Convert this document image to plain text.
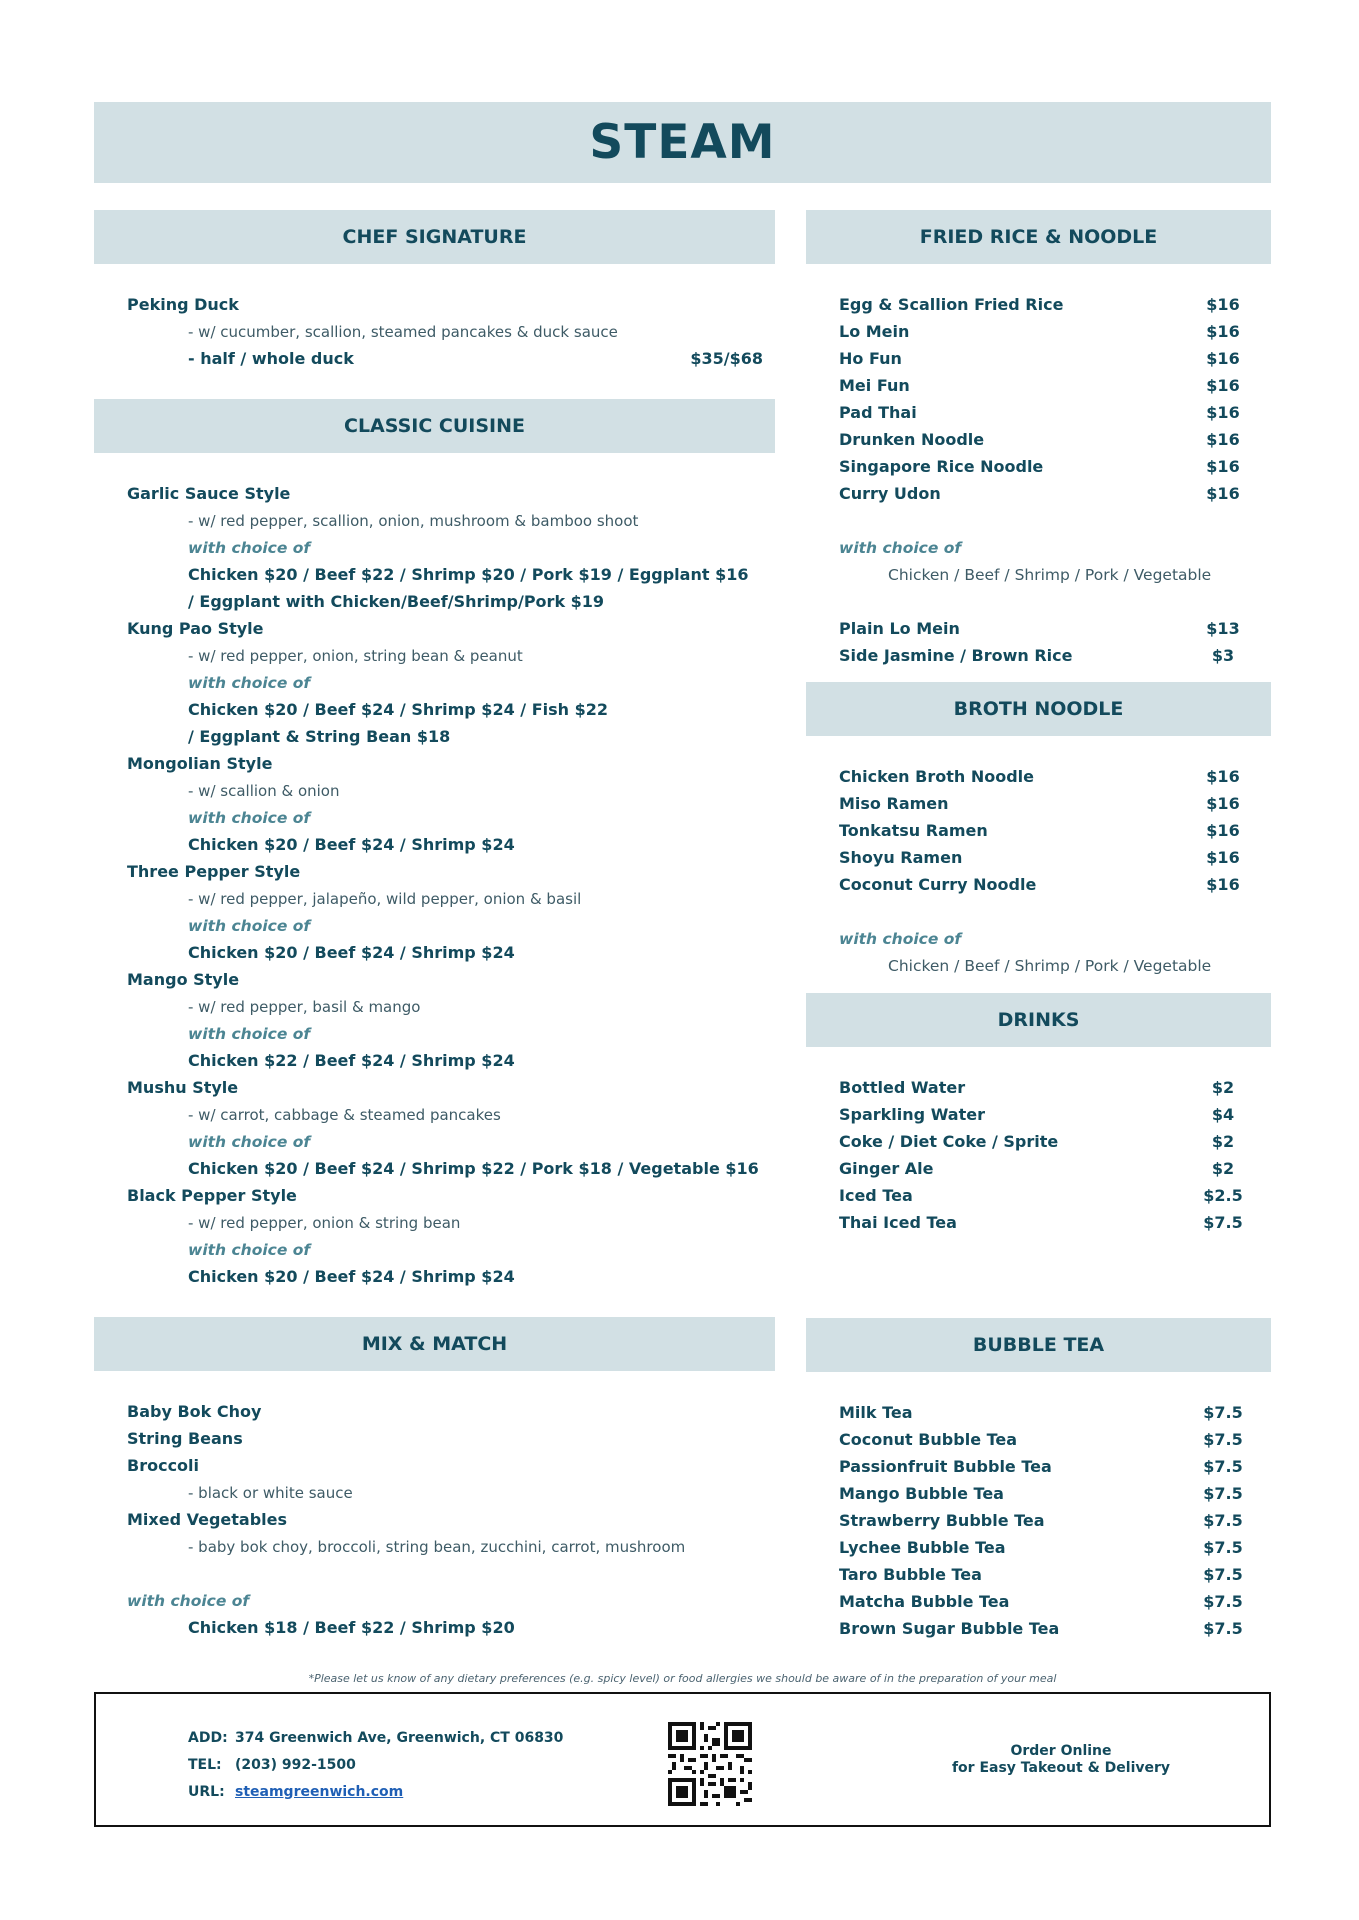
STEAM
CHEF SIGNATURE
Peking Duck
- w/ cucumber, scallion, steamed pancakes & duck sauce
- half / whole duck	$35/$68
CLASSIC CUISINE
Garlic Sauce Style
- w/ red pepper, scallion, onion, mushroom & bamboo shoot
with choice of
Chicken $20 / Beef $22 / Shrimp $20 / Pork $19 / Eggplant $16
/ Eggplant with Chicken/Beef/Shrimp/Pork $19
Kung Pao Style
- w/ red pepper, onion, string bean & peanut
with choice of
Chicken $20 / Beef $24 / Shrimp $24 / Fish $22
/ Eggplant & String Bean $18
Mongolian Style
- w/ scallion & onion
with choice of
Chicken $20 / Beef $24 / Shrimp $24
Three Pepper Style
- w/ red pepper, jalapeño, wild pepper, onion & basil
with choice of
Chicken $20 / Beef $24 / Shrimp $24
Mango Style
- w/ red pepper, basil & mango
with choice of
Chicken $22 / Beef $24 / Shrimp $24
Mushu Style
- w/ carrot, cabbage & steamed pancakes
with choice of
Chicken $20 / Beef $24 / Shrimp $22 / Pork $18 / Vegetable $16
Black Pepper Style
- w/ red pepper, onion & string bean
with choice of
Chicken $20 / Beef $24 / Shrimp $24
MIX & MATCH
Baby Bok Choy
String Beans
Broccoli
- black or white sauce
Mixed Vegetables
- baby bok choy, broccoli, string bean, zucchini, carrot, mushroom
with choice of
Chicken $18 / Beef $22 / Shrimp $20
FRIED RICE & NOODLE
Egg & Scallion Fried Rice	$16
Lo Mein	$16
Ho Fun	$16
Mei Fun	$16
Pad Thai	$16
Drunken Noodle	$16
Singapore Rice Noodle	$16
Curry Udon	$16
with choice of
Chicken / Beef / Shrimp / Pork / Vegetable
Plain Lo Mein	$13
Side Jasmine / Brown Rice	$3
BROTH NOODLE
Chicken Broth Noodle	$16
Miso Ramen	$16
Tonkatsu Ramen	$16
Shoyu Ramen	$16
Coconut Curry Noodle	$16
with choice of
Chicken / Beef / Shrimp / Pork / Vegetable
DRINKS
Bottled Water	$2
Sparkling Water	$4
Coke / Diet Coke / Sprite	$2
Ginger Ale	$2
Iced Tea	$2.5
Thai Iced Tea	$7.5
BUBBLE TEA
Milk Tea	$7.5
Coconut Bubble Tea	$7.5
Passionfruit Bubble Tea	$7.5
Mango Bubble Tea	$7.5
Strawberry Bubble Tea	$7.5
Lychee Bubble Tea	$7.5
Taro Bubble Tea	$7.5
Matcha Bubble Tea	$7.5
Brown Sugar Bubble Tea	$7.5
*Please let us know of any dietary preferences (e.g. spicy level) or food allergies we should be aware of in the preparation of your meal
ADD: 374 Greenwich Ave, Greenwich, CT 06830
TEL: (203) 992-1500
URL: steamgreenwich.com
Order Online
for Easy Takeout & Delivery
